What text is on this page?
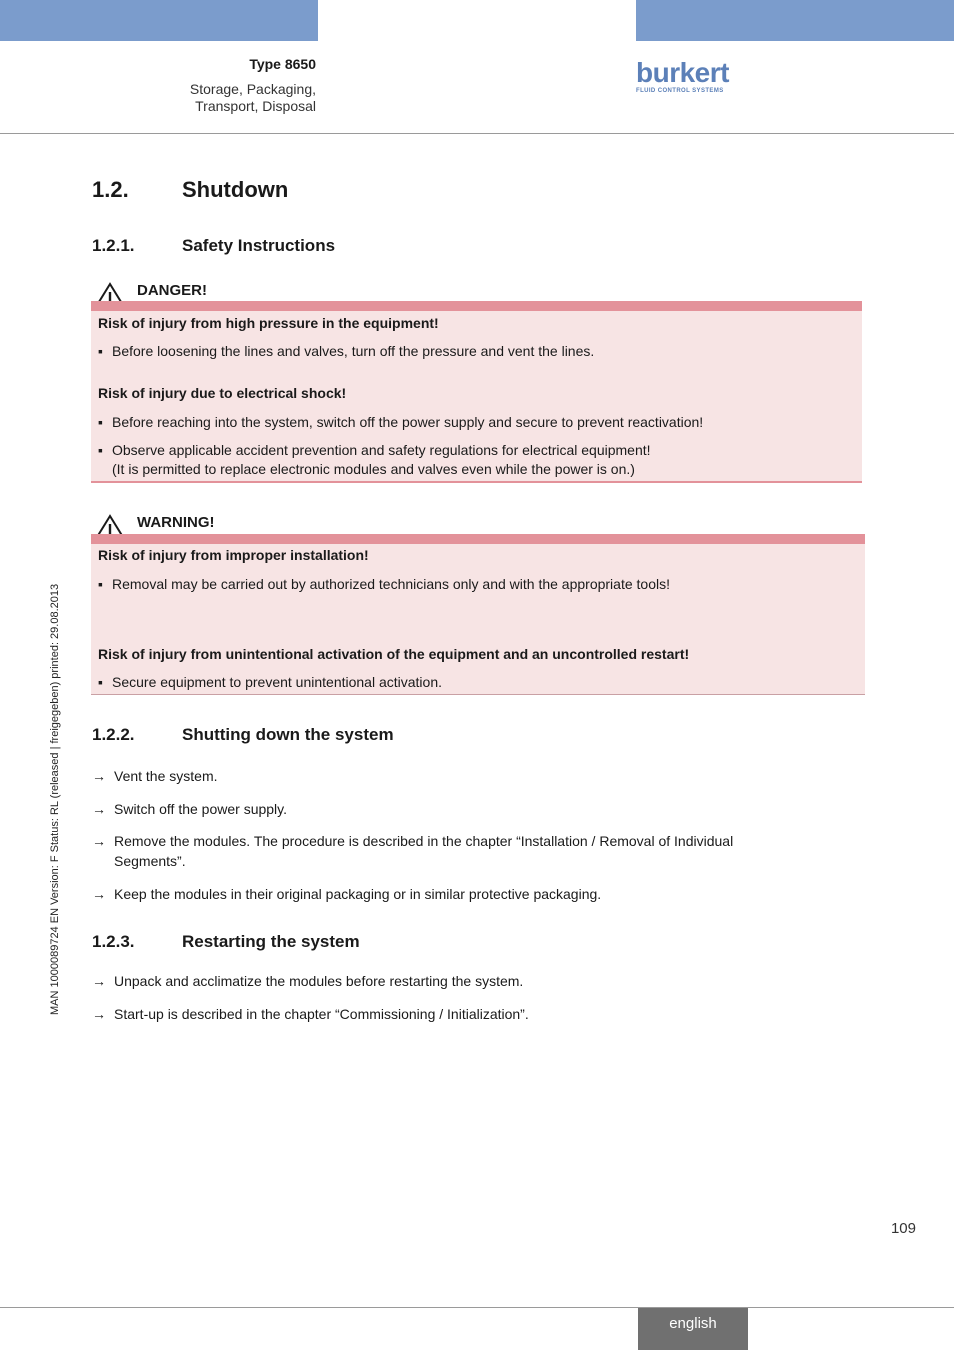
Type 8650
Storage, Packaging,
Transport, Disposal
burkert
FLUID CONTROL SYSTEMS
MAN 1000089724 EN Version: F Status: RL (released | freigegeben) printed: 29.08.2013
1.2. Shutdown
1.2.1.	Safety Instructions
DANGER!
Risk of injury from high pressure in the equipment!
▪ Before loosening the lines and valves, turn off the pressure and vent the lines.
Risk of injury due to electrical shock!
▪ Before reaching into the system, switch off the power supply and secure to prevent reactivation!
▪ Observe applicable accident prevention and safety regulations for electrical equipment!
(It is permitted to replace electronic modules and valves even while the power is on.)
WARNING!
Risk of injury from improper installation!
▪ Removal may be carried out by authorized technicians only and with the appropriate tools!
Risk of injury from unintentional activation of the equipment and an uncontrolled restart!
▪ Secure equipment to prevent unintentional activation.
1.2.2.	Shutting down the system
→ Vent the system.
→ Switch off the power supply.
→ Remove the modules. The procedure is described in the chapter “Installation / Removal of Individual
Segments”.
→ Keep the modules in their original packaging or in similar protective packaging.
1.2.3.	Restarting the system
→ Unpack and acclimatize the modules before restarting the system.
→ Start-up is described in the chapter “Commissioning / Initialization”.
109
english
